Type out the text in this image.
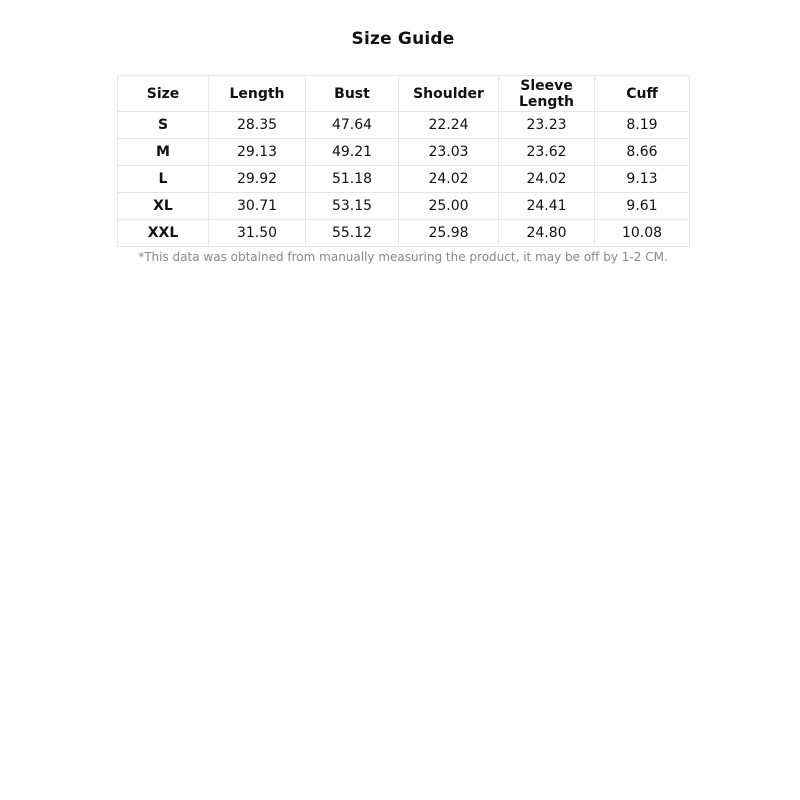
Size Guide
Size	Length	Bust	Shoulder	Sleeve Length	Cuff
S	28.35	47.64	22.24	23.23	8.19
M	29.13	49.21	23.03	23.62	8.66
L	29.92	51.18	24.02	24.02	9.13
XL	30.71	53.15	25.00	24.41	9.61
XXL	31.50	55.12	25.98	24.80	10.08
*This data was obtained from manually measuring the product, it may be off by 1-2 CM.
